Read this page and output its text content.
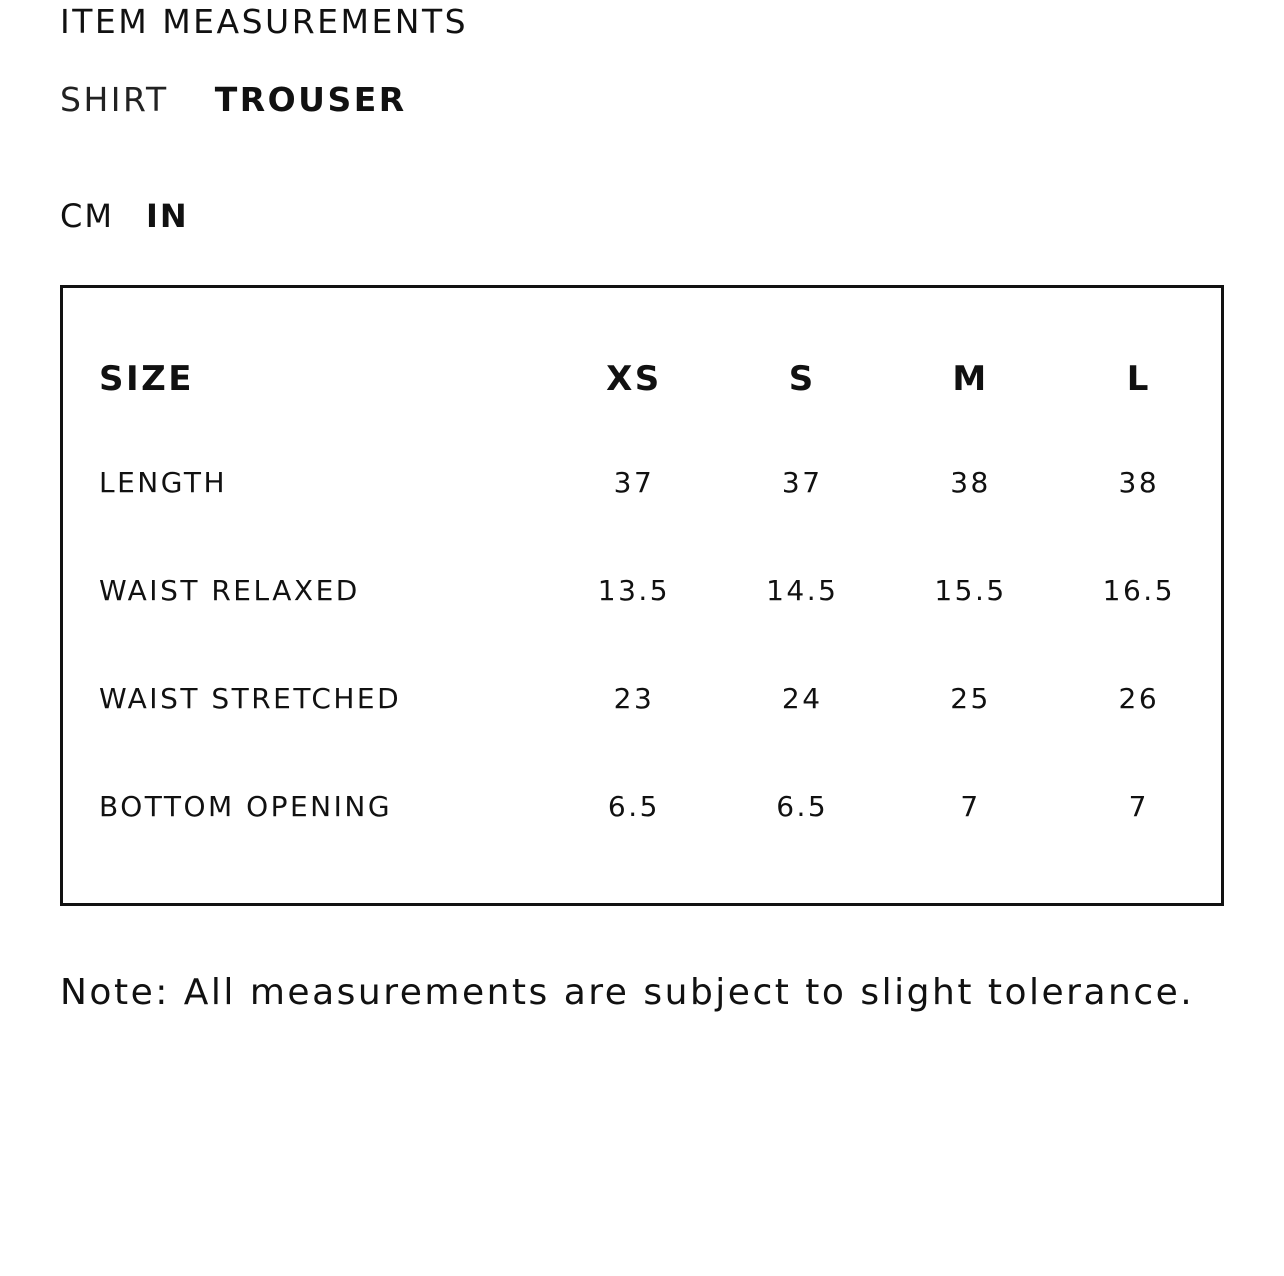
ITEM MEASUREMENTS
SHIRT TROUSER
CM IN
SIZE	XS	S	M	L
LENGTH	37	37	38	38
WAIST RELAXED	13.5	14.5	15.5	16.5
WAIST STRETCHED	23	24	25	26
BOTTOM OPENING	6.5	6.5	7	7
Note: All measurements are subject to slight tolerance.
